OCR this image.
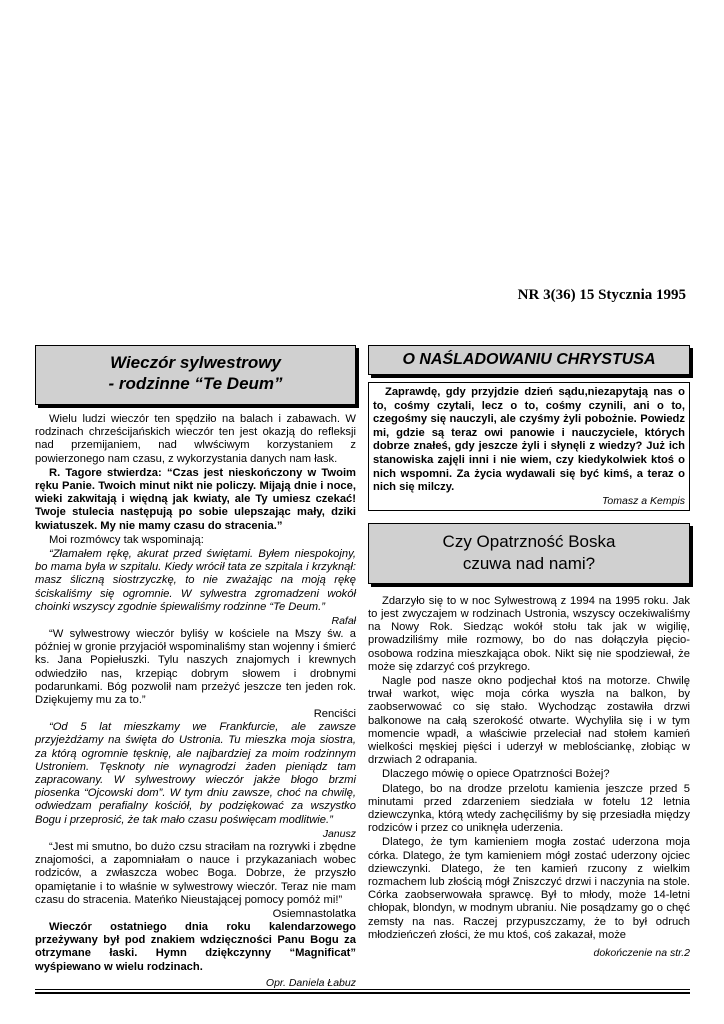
NR 3(36) 15 Stycznia 1995
Wieczór sylwestrowy
- rodzinne “Te Deum”

Wielu ludzi wieczór ten spędziło na balach i zabawach. W rodzinach chrześcijańskich wieczór ten jest okazją do refleksji nad przemijaniem, nad wlwściwym korzystaniem z powierzonego nam czasu, z wykorzystania danych nam łask.

R. Tagore stwierdza: “Czas jest nieskończony w Twoim ręku Panie. Twoich minut nikt nie policzy. Mijają dnie i noce, wieki zakwitają i więdną jak kwiaty, ale Ty umiesz czekać! Twoje stulecia następują po sobie ulepszając mały, dziki kwiatuszek. My nie mamy czasu do stracenia.”

Moi rozmówcy tak wspominają:

“Złamałem rękę, akurat przed świętami. Byłem niespokojny, bo mama była w szpitalu. Kiedy wrócił tata ze szpitala i krzyknął: masz śliczną siostrzyczkę, to nie zważając na moją rękę ściskaliśmy się ogromnie. W sylwestra zgromadzeni wokół choinki wszyscy zgodnie śpiewaliśmy rodzinne “Te Deum.”

Rafał

“W sylwestrowy wieczór byliśy w kościele na Mszy św. a później w gronie przyjaciół wspominaliśmy stan wojenny i śmierć ks. Jana Popiełuszki. Tylu naszych znajomych i krewnych odwiedziło nas, krzepiąc dobrym słowem i drobnymi podarunkami. Bóg pozwolił nam przeżyć jeszcze ten jeden rok. Dziękujemy mu za to.”

Renciści

“Od 5 lat mieszkamy we Frankfurcie, ale zawsze przyjeżdżamy na święta do Ustronia. Tu mieszka moja siostra, za którą ogromnie tęsknię, ale najbardziej za moim rodzinnym Ustroniem. Tęsknoty nie wynagrodzi żaden pieniądz tam zapracowany. W sylwestrowy wieczór jakże błogo brzmi piosenka “Ojcowski dom”. W tym dniu zawsze, choć na chwilę, odwiedzam perafialny kościół, by podziękować za wszystko Bogu i przeprosić, że tak mało czasu poświęcam modlitwie.”

Janusz

“Jest mi smutno, bo dużo czsu straciłam na rozrywki i zbędne znajomości, a zapomniałam o nauce i przykazaniach wobec rodziców, a zwłaszcza wobec Boga. Dobrze, że przyszło opamiętanie i to właśnie w sylwestrowy wieczór. Teraz nie mam czasu do stracenia. Mateńko Nieustającej pomocy pomóż mi!”

Osiemnastolatka

Wieczór ostatniego dnia roku kalendarzowego przeżywany był pod znakiem wdzięczności Panu Bogu za otrzymane łaski. Hymn dziękczynny “Magnificat” wyśpiewano w wielu rodzinach.

Opr. Daniela Łabuz
O NAŚLADOWANIU CHRYSTUSA

Zaprawdę, gdy przyjdzie dzień sądu,niezapytają nas o to, cośmy czytali, lecz o to, cośmy czynili, ani o to, czegośmy się nauczyli, ale czyśmy żyli pobożnie. Powiedz mi, gdzie są teraz owi panowie i nauczyciele, których dobrze znałeś, gdy jeszcze żyli i słynęli z wiedzy? Już ich stanowiska zajęli inni i nie wiem, czy kiedykolwiek ktoś o nich wspomni. Za życia wydawali się być kimś, a teraz o nich się milczy.

Tomasz a Kempis
Czy Opatrzność Boska
czuwa nad nami?

Zdarzyło się to w noc Sylwestrową z 1994 na 1995 roku. Jak to jest zwyczajem w rodzinach Ustronia, wszyscy oczekiwaliśmy na Nowy Rok. Siedząc wokół stołu tak jak w wigilię, prowadziliśmy miłe rozmowy, bo do nas dołączyła pięcio-osobowa rodzina mieszkająca obok. Nikt się nie spodziewał, że może się zdarzyć coś przykrego.

Nagle pod nasze okno podjechał ktoś na motorze. Chwilę trwał warkot, więc moja córka wyszła na balkon, by zaobserwować co się stało. Wychodząc zostawiła drzwi balkonowe na całą szerokość otwarte. Wychyliła się i w tym momencie wpadł, a właściwie przeleciał nad stołem kamień wielkości męskiej pięści i uderzył w meblościankę, złobiąc w drzwiach 2 odrapania.

Dlaczego mówię o opiece Opatrzności Bożej?

Dlatego, bo na drodze przelotu kamienia jeszcze przed 5 minutami przed zdarzeniem siedziała w fotelu 12 letnia dziewczynka, którą wtedy zachęciliśmy by się przesiadła między rodziców i przez co uniknęła uderzenia.

Dlatego, że tym kamieniem mogła zostać uderzona moja córka. Dlatego, że tym kamieniem mógł zostać uderzony ojciec dziewczynki. Dlatego, że ten kamień rzucony z wielkim rozmachem lub złością mógł Zniszczyć drzwi i naczynia na stole. Córka zaobserwowała sprawcę. Był to młody, może 14-letni chłopak, blondyn, w modnym ubraniu. Nie posądzamy go o chęć zemsty na nas. Raczej przypuszczamy, że to był odruch młodzieńczeń złości, że mu ktoś, coś zakazał, może

dokończenie na str.2
